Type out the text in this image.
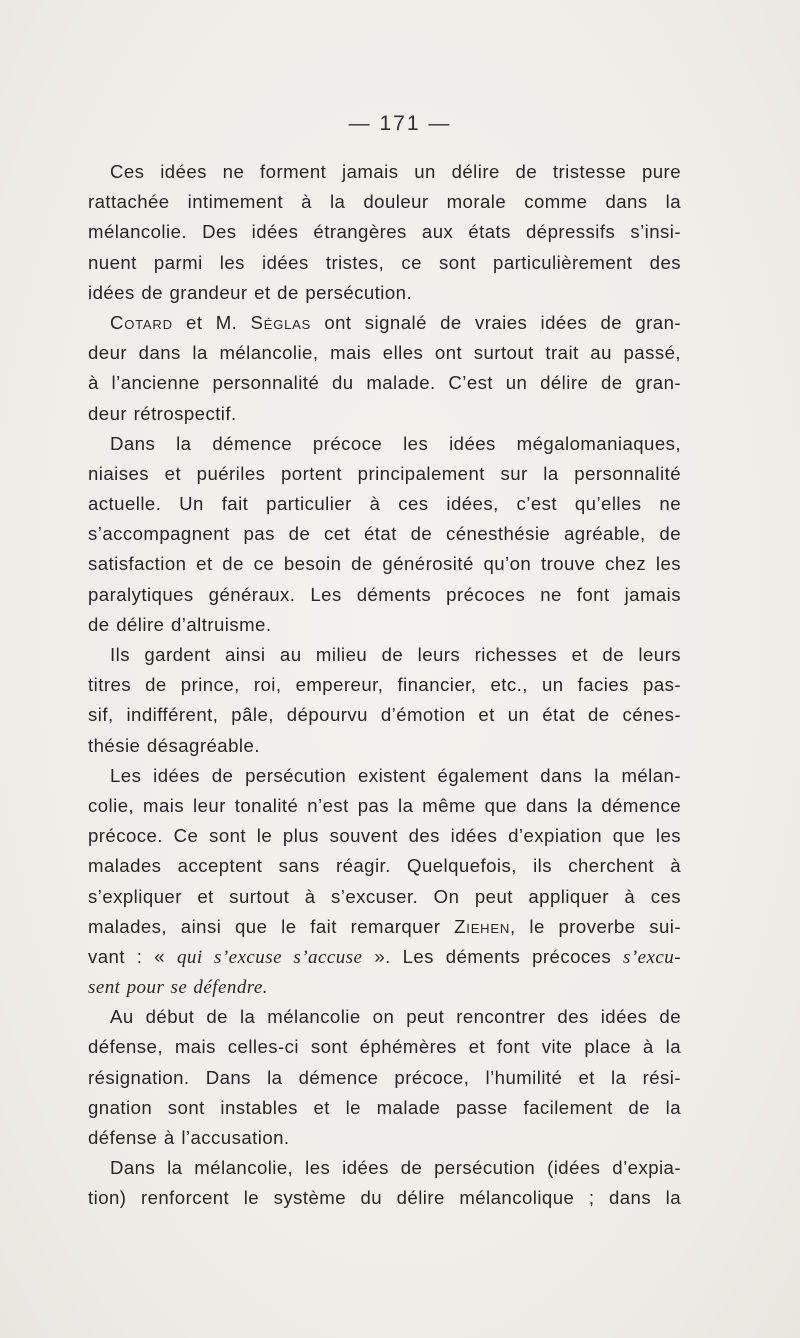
— 171 —
Ces idées ne forment jamais un délire de tristesse pure
rattachée intimement à la douleur morale comme dans la
mélancolie. Des idées étrangères aux états dépressifs s’insi-
nuent parmi les idées tristes, ce sont particulièrement des
idées de grandeur et de persécution.
Cotard et M. Séglas ont signalé de vraies idées de gran-
deur dans la mélancolie, mais elles ont surtout trait au passé,
à l’ancienne personnalité du malade. C’est un délire de gran-
deur rétrospectif.
Dans la démence précoce les idées mégalomaniaques,
niaises et puériles portent principalement sur la personnalité
actuelle. Un fait particulier à ces idées, c’est qu’elles ne
s’accompagnent pas de cet état de cénesthésie agréable, de
satisfaction et de ce besoin de générosité qu’on trouve chez les
paralytiques généraux. Les déments précoces ne font jamais
de délire d’altruisme.
Ils gardent ainsi au milieu de leurs richesses et de leurs
titres de prince, roi, empereur, financier, etc., un facies pas-
sif, indifférent, pâle, dépourvu d’émotion et un état de cénes-
thésie désagréable.
Les idées de persécution existent également dans la mélan-
colie, mais leur tonalité n’est pas la même que dans la démence
précoce. Ce sont le plus souvent des idées d’expiation que les
malades acceptent sans réagir. Quelquefois, ils cherchent à
s’expliquer et surtout à s’excuser. On peut appliquer à ces
malades, ainsi que le fait remarquer Ziehen, le proverbe sui-
vant : « qui s’excuse s’accuse ». Les déments précoces s’excu-
sent pour se défendre.
Au début de la mélancolie on peut rencontrer des idées de
défense, mais celles-ci sont éphémères et font vite place à la
résignation. Dans la démence précoce, l’humilité et la rési-
gnation sont instables et le malade passe facilement de la
défense à l’accusation.
Dans la mélancolie, les idées de persécution (idées d’expia-
tion) renforcent le système du délire mélancolique ; dans la
